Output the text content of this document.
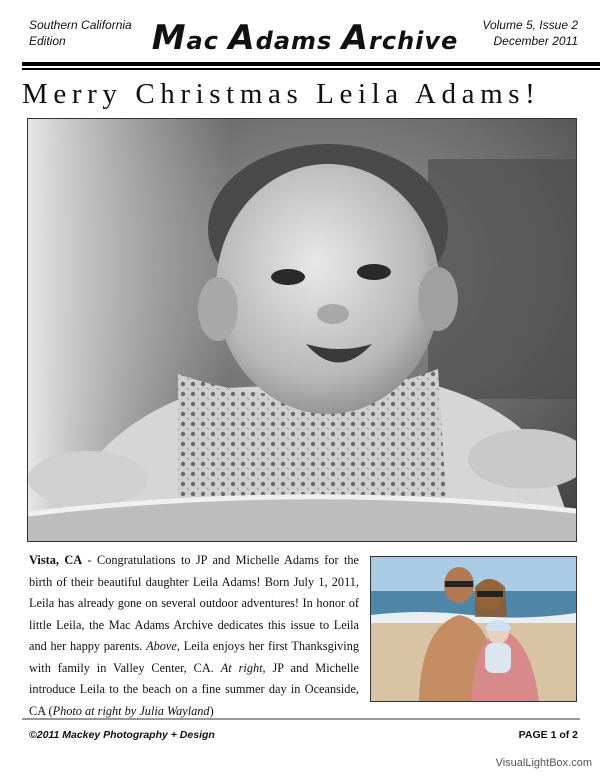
Southern California
Edition	Mac Adams Archive
Volume 5, Issue 2
December 2011
Merry Christmas Leila Adams!
Vista, CA - Congratulations to JP and Michelle Adams for the birth of their beautiful daughter Leila Adams! Born July 1, 2011, Leila has already gone on several outdoor adventures! In honor of little Leila, the Mac Adams Archive dedicates this issue to Leila and her happy parents. Above, Leila enjoys her first Thanksgiving with family in Valley Center, CA. At right, JP and Michelle introduce Leila to the beach on a fine summer day in Oceanside, CA (Photo at right by Julia Wayland)
©2011 Mackey Photography + Design	PAGE 1 of 2
VisualLightBox.com
